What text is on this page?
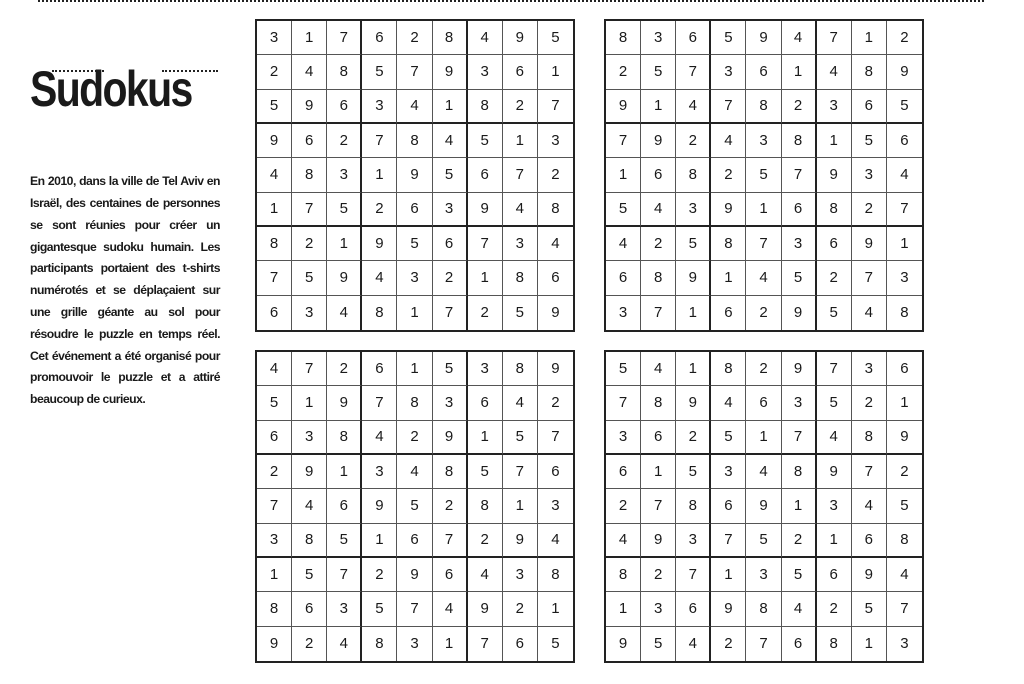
Sudokus

En 2010, dans la ville de Tel Aviv en Israël, des centaines de personnes se sont réunies pour créer un gigantesque sudoku humain. Les participants portaient des t-shirts numérotés et se déplaçaient sur une grille géante au sol pour résoudre le puzzle en temps réel. Cet événement a été organisé pour promouvoir le puzzle et a attiré beaucoup de curieux.

3	1	7	6	2	8	4	9	5
2	4	8	5	7	9	3	6	1
5	9	6	3	4	1	8	2	7
9	6	2	7	8	4	5	1	3
4	8	3	1	9	5	6	7	2
1	7	5	2	6	3	9	4	8
8	2	1	9	5	6	7	3	4
7	5	9	4	3	2	1	8	6
6	3	4	8	1	7	2	5	9
8	3	6	5	9	4	7	1	2
2	5	7	3	6	1	4	8	9
9	1	4	7	8	2	3	6	5
7	9	2	4	3	8	1	5	6
1	6	8	2	5	7	9	3	4
5	4	3	9	1	6	8	2	7
4	2	5	8	7	3	6	9	1
6	8	9	1	4	5	2	7	3
3	7	1	6	2	9	5	4	8
4	7	2	6	1	5	3	8	9
5	1	9	7	8	3	6	4	2
6	3	8	4	2	9	1	5	7
2	9	1	3	4	8	5	7	6
7	4	6	9	5	2	8	1	3
3	8	5	1	6	7	2	9	4
1	5	7	2	9	6	4	3	8
8	6	3	5	7	4	9	2	1
9	2	4	8	3	1	7	6	5
5	4	1	8	2	9	7	3	6
7	8	9	4	6	3	5	2	1
3	6	2	5	1	7	4	8	9
6	1	5	3	4	8	9	7	2
2	7	8	6	9	1	3	4	5
4	9	3	7	5	2	1	6	8
8	2	7	1	3	5	6	9	4
1	3	6	9	8	4	2	5	7
9	5	4	2	7	6	8	1	3
